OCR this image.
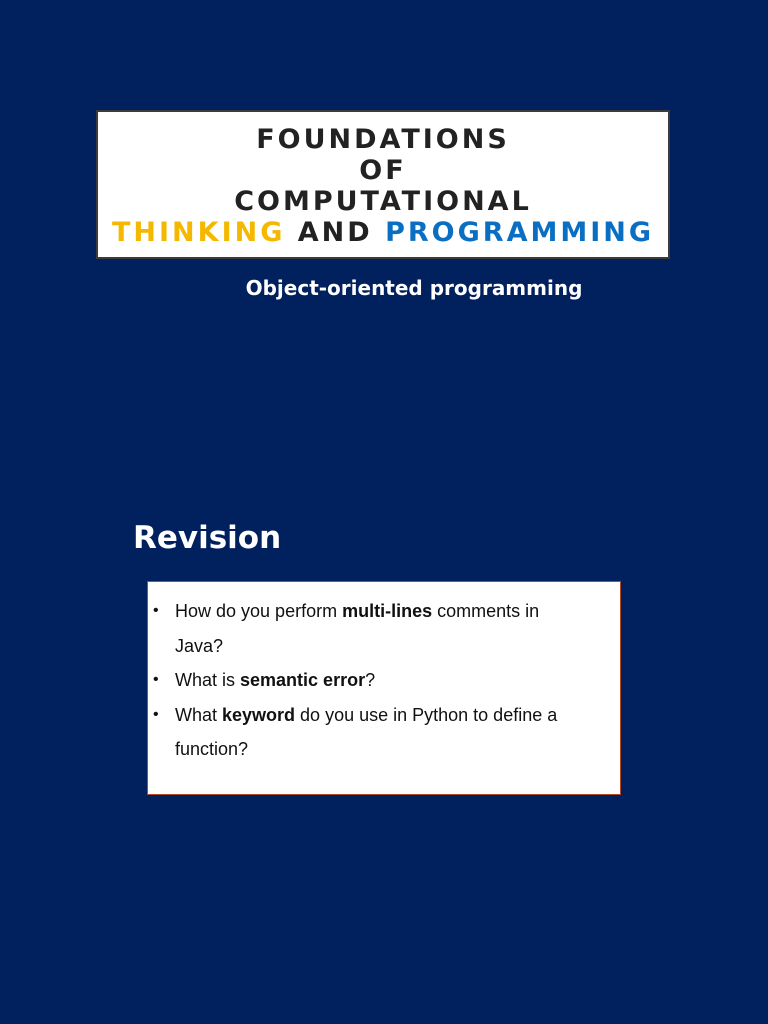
FOUNDATIONS
OF
COMPUTATIONAL
THINKING AND PROGRAMMING
Object-oriented programming
Revision
• How do you perform multi-lines comments in Java?
• What is semantic error?
• What keyword do you use in Python to define a function?
